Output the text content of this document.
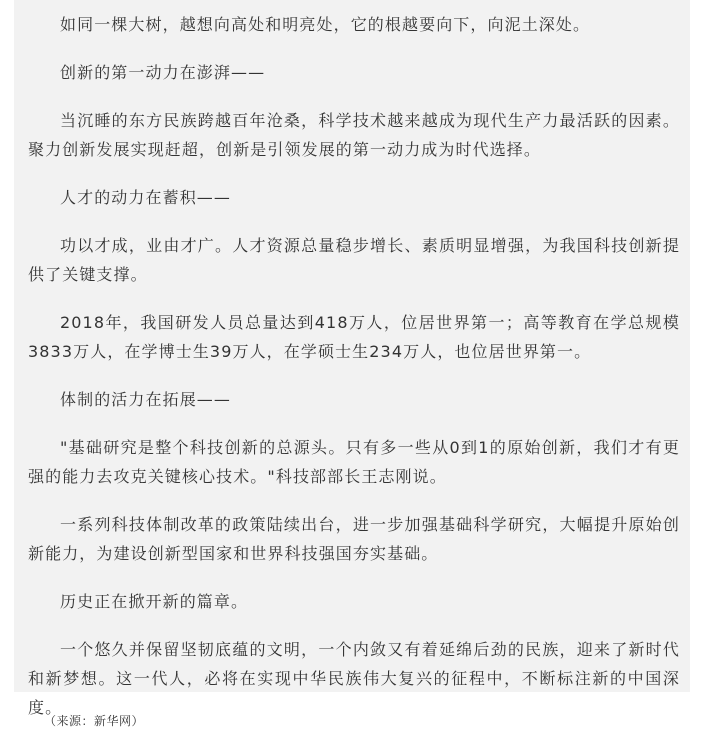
如同一棵大树，越想向高处和明亮处，它的根越要向下，向泥土深处。

创新的第一动力在澎湃——

当沉睡的东方民族跨越百年沧桑，科学技术越来越成为现代生产力最活跃的因素。聚力创新发展实现赶超，创新是引领发展的第一动力成为时代选择。

人才的动力在蓄积——

功以才成，业由才广。人才资源总量稳步增长、素质明显增强，为我国科技创新提供了关键支撑。

2018年，我国研发人员总量达到418万人，位居世界第一；高等教育在学总规模3833万人，在学博士生39万人，在学硕士生234万人，也位居世界第一。

体制的活力在拓展——

"基础研究是整个科技创新的总源头。只有多一些从0到1的原始创新，我们才有更强的能力去攻克关键核心技术。"科技部部长王志刚说。

一系列科技体制改革的政策陆续出台，进一步加强基础科学研究，大幅提升原始创新能力，为建设创新型国家和世界科技强国夯实基础。

历史正在掀开新的篇章。

一个悠久并保留坚韧底蕴的文明，一个内敛又有着延绵后劲的民族，迎来了新时代和新梦想。这一代人，必将在实现中华民族伟大复兴的征程中，不断标注新的中国深度。

（来源：新华网）
